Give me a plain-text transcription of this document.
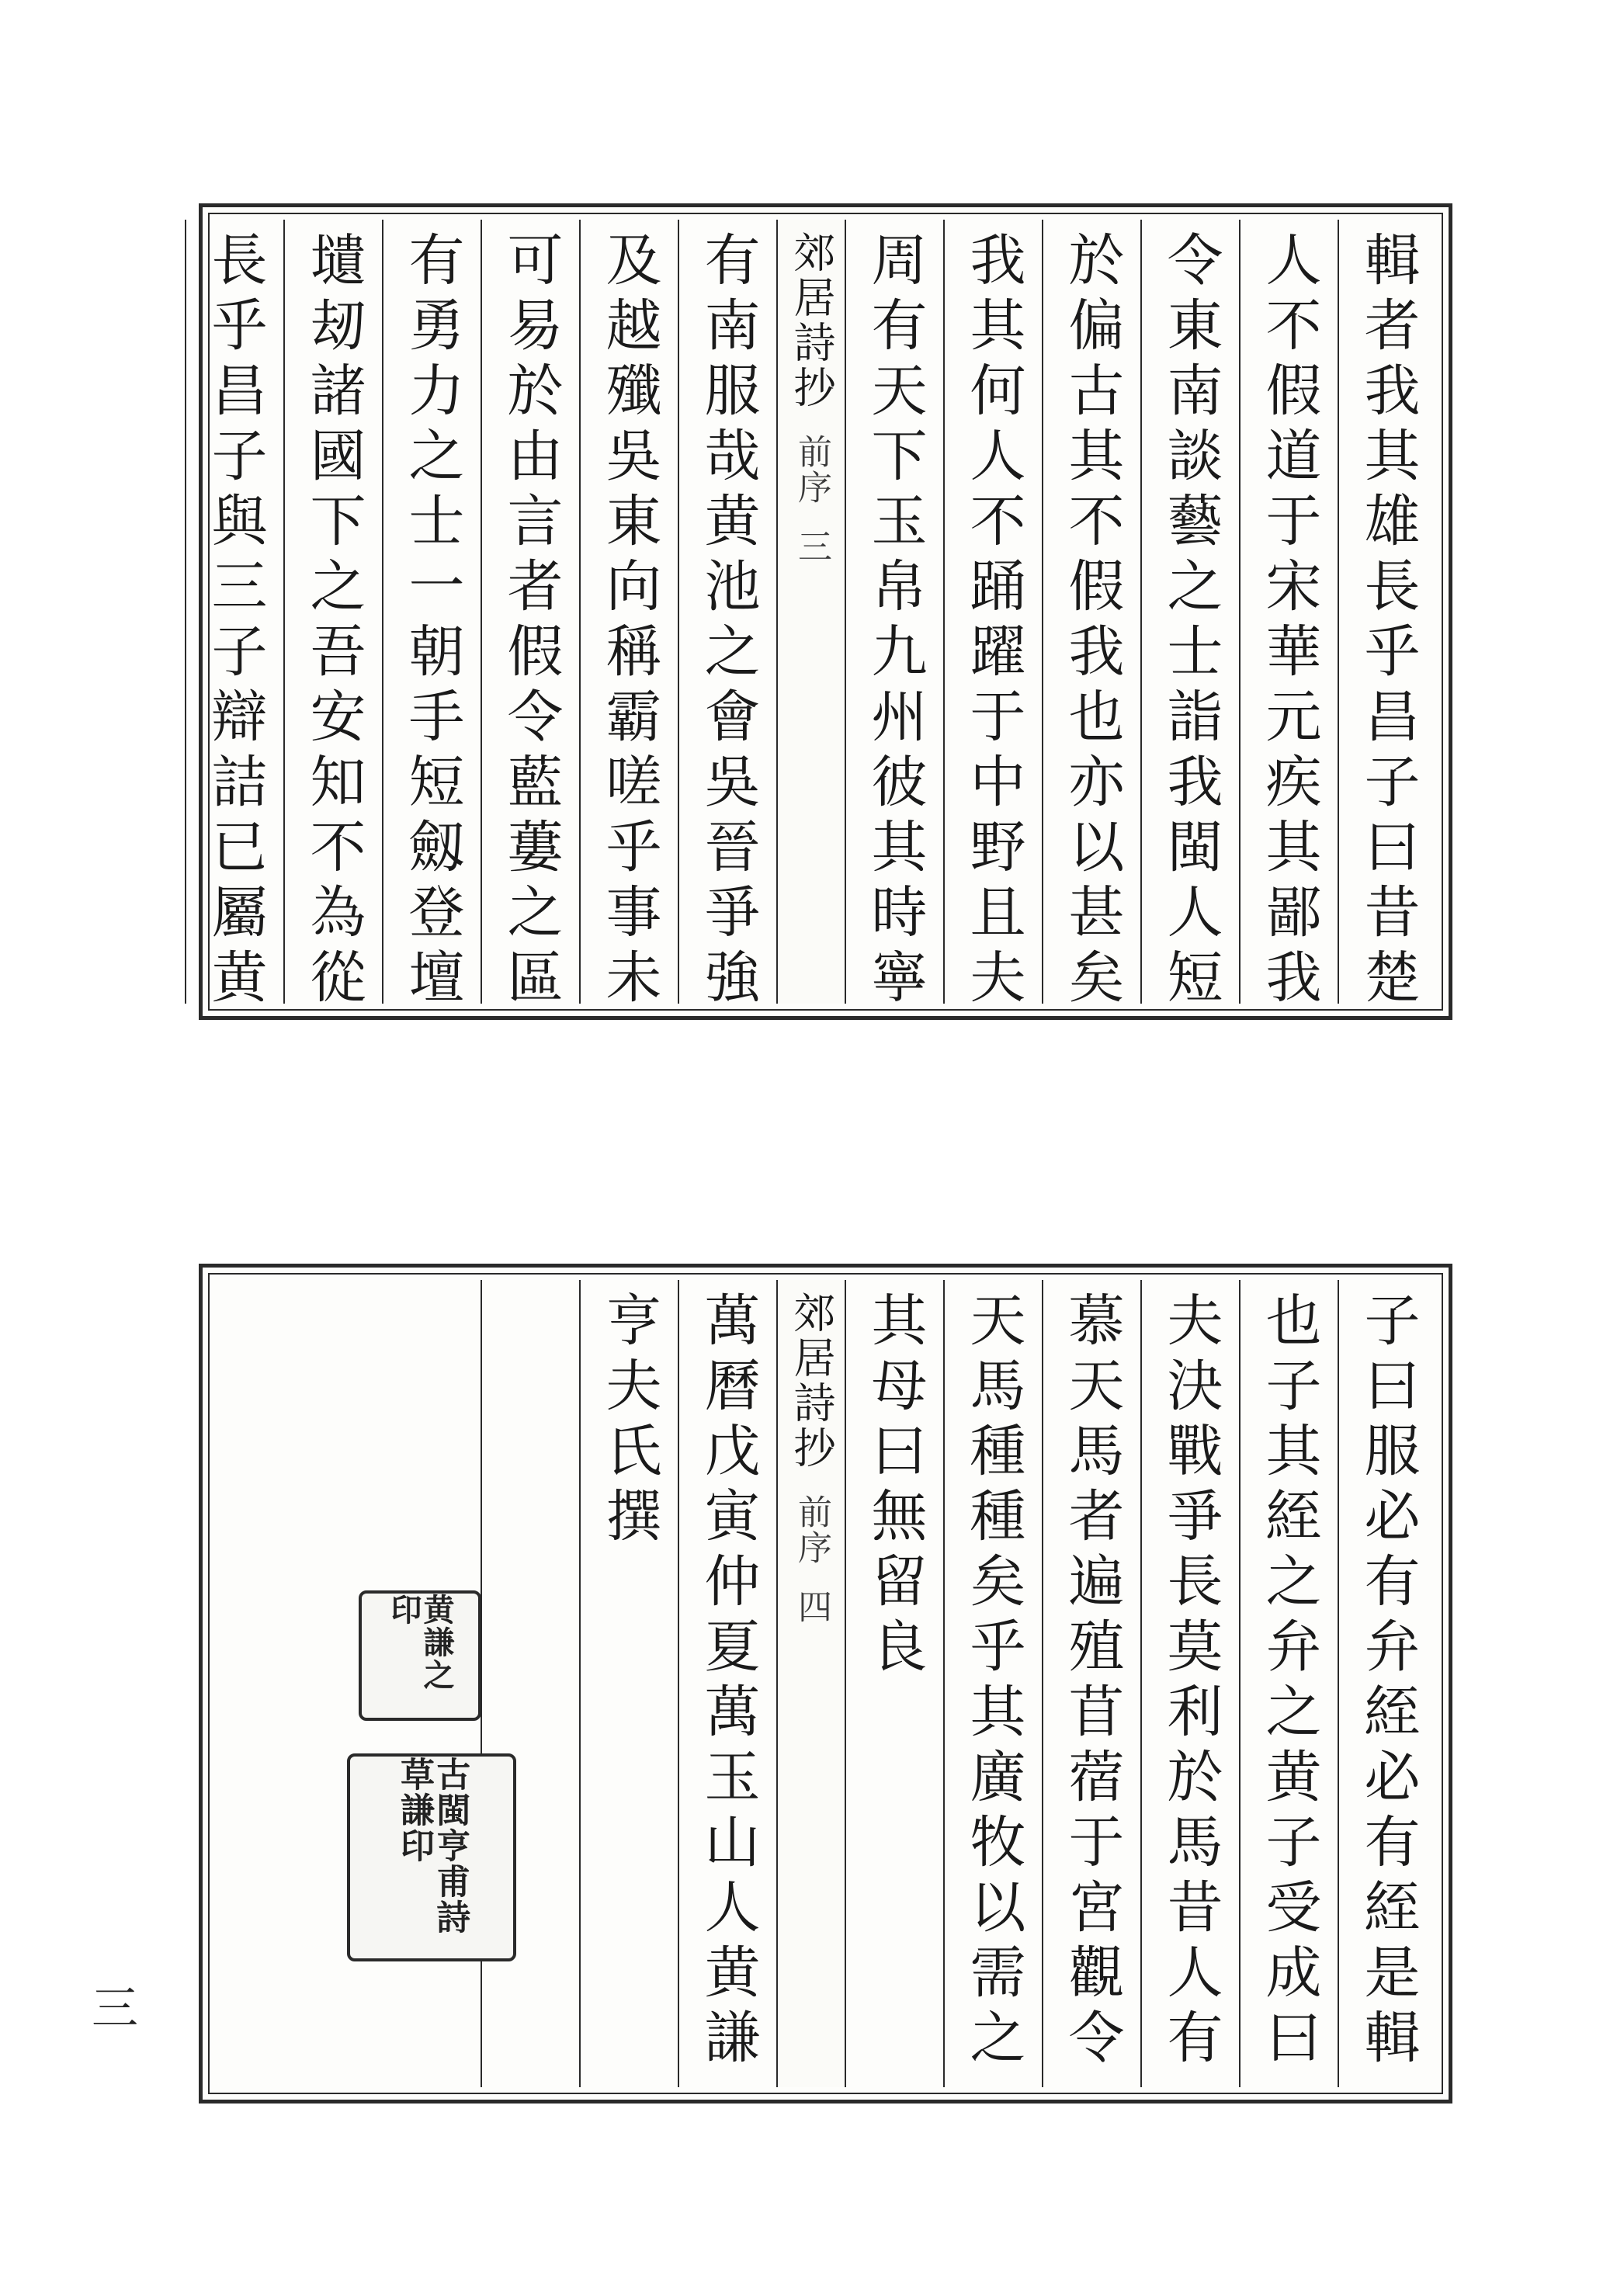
輯者我其雄長乎昌子曰昔楚
人不假道于宋華元疾其鄙我
令東南談藝之士詣我閩人短
於偏古其不假我也亦以甚矣
我其何人不踊躍于中野且夫
周有天下玉帛九州彼其時寧
郊居詩抄
前序
三
有南服哉黄池之會吳晉爭強
及越殲吳東向稱霸嗟乎事未
可易於由言者假令藍蔞之區
有勇力之士一朝手短劔登壇
壝刼諸國下之吾安知不為從
長乎昌子與三子辯詰已屬黄
子曰服必有弁絰必有絰是輯
也子其絰之弁之黄子受成曰
夫決戰爭長莫利於馬昔人有
慕天馬者遍殖苜蓿于宮觀令
天馬種種矣乎其廣牧以需之
其母曰無留良
郊居詩抄
前序
四
萬曆戊寅仲夏萬玉山人黄謙
亨夫氏撰
黄謙之印
古閩亨甫詩草謙印
三
